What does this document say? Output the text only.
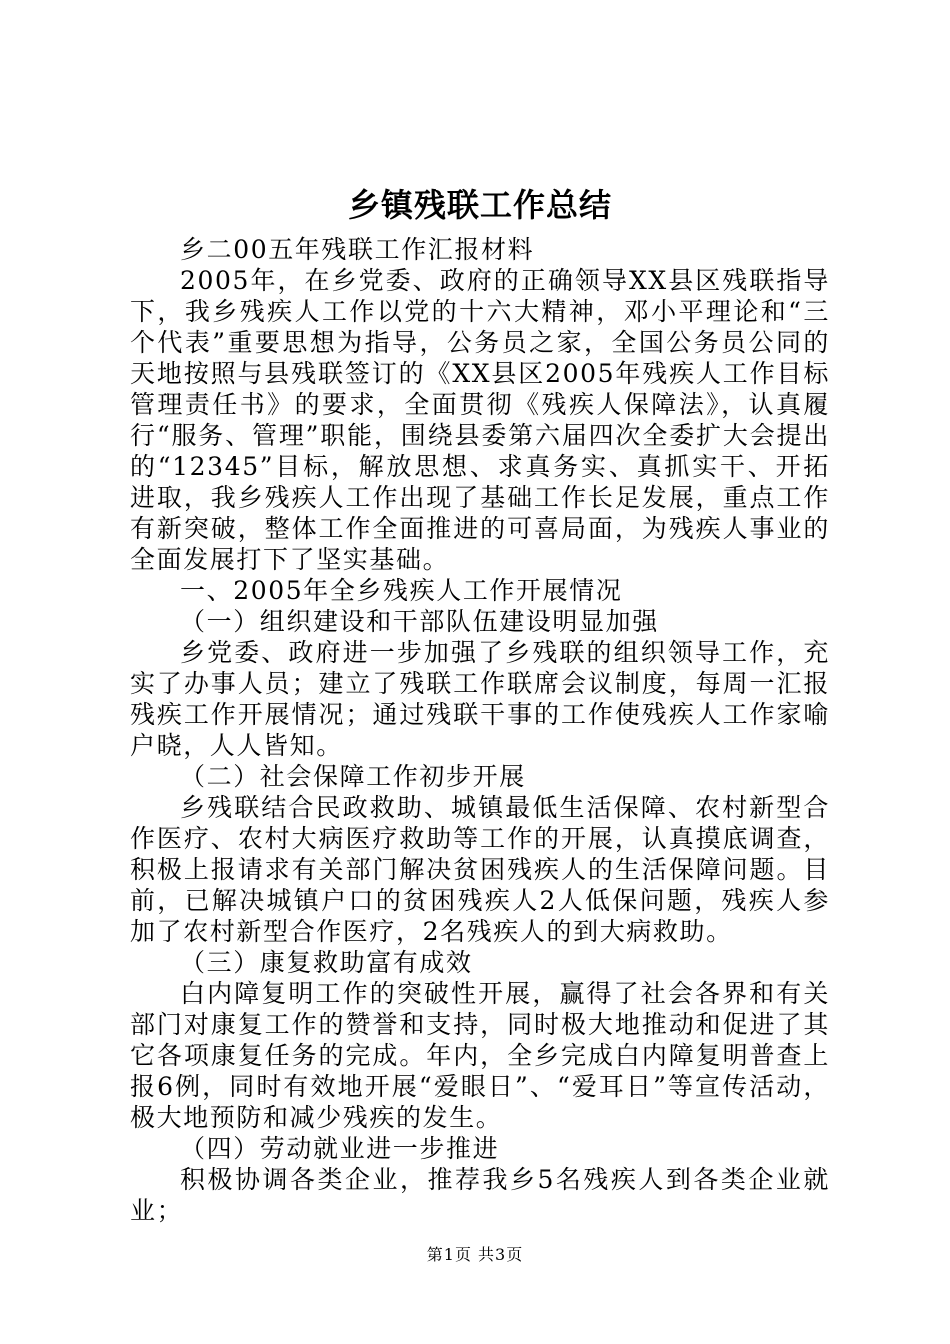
乡镇残联工作总结

乡二00五年残联工作汇报材料

2005年，在乡党委、政府的正确领导XX县区残联指导下，我乡残疾人工作以党的十六大精神，邓小平理论和“三个代表”重要思想为指导，公务员之家，全国公务员公同的天地按照与县残联签订的《XX县区2005年残疾人工作目标管理责任书》的要求，全面贯彻《残疾人保障法》，认真履行“服务、管理”职能，围绕县委第六届四次全委扩大会提出的“12345”目标，解放思想、求真务实、真抓实干、开拓进取，我乡残疾人工作出现了基础工作长足发展，重点工作有新突破，整体工作全面推进的可喜局面，为残疾人事业的全面发展打下了坚实基础。

一、2005年全乡残疾人工作开展情况

（一）组织建设和干部队伍建设明显加强

乡党委、政府进一步加强了乡残联的组织领导工作，充实了办事人员；建立了残联工作联席会议制度，每周一汇报残疾工作开展情况；通过残联干事的工作使残疾人工作家喻户晓，人人皆知。

（二）社会保障工作初步开展

乡残联结合民政救助、城镇最低生活保障、农村新型合作医疗、农村大病医疗救助等工作的开展，认真摸底调查，积极上报请求有关部门解决贫困残疾人的生活保障问题。目前，已解决城镇户口的贫困残疾人2人低保问题，残疾人参加了农村新型合作医疗，2名残疾人的到大病救助。

（三）康复救助富有成效

白内障复明工作的突破性开展，赢得了社会各界和有关部门对康复工作的赞誉和支持，同时极大地推动和促进了其它各项康复任务的完成。年内，全乡完成白内障复明普查上报6例，同时有效地开展“爱眼日”、“爱耳日”等宣传活动，极大地预防和减少残疾的发生。

（四）劳动就业进一步推进

积极协调各类企业，推荐我乡5名残疾人到各类企业就业；

第1页 共3页
